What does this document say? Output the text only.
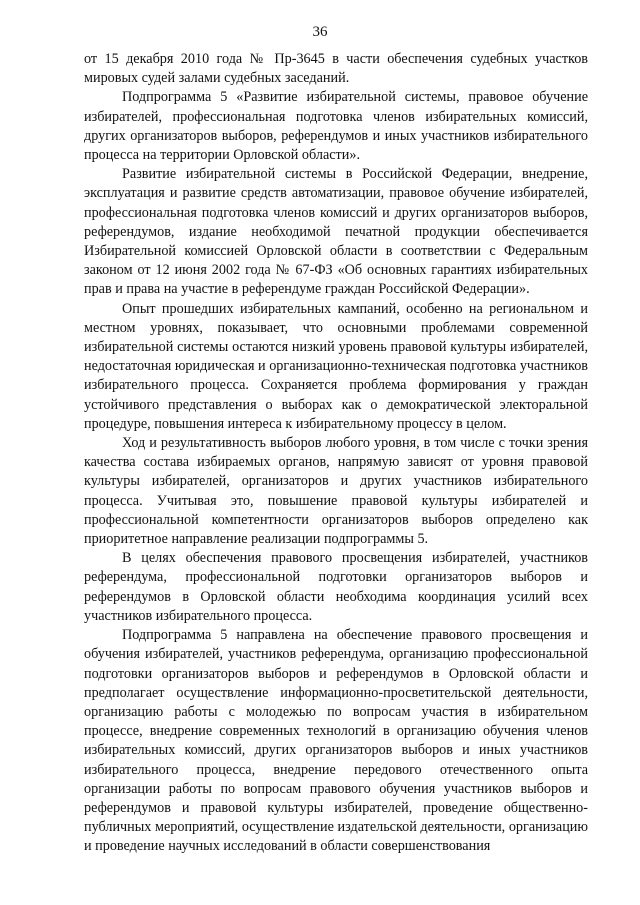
36

от 15 декабря 2010 года № Пр-3645 в части обеспечения судебных участков мировых судей залами судебных заседаний.

Подпрограмма 5 «Развитие избирательной системы, правовое обучение избирателей, профессиональная подготовка членов избирательных комиссий, других организаторов выборов, референдумов и иных участников избирательного процесса на территории Орловской области».

Развитие избирательной системы в Российской Федерации, внедрение, эксплуатация и развитие средств автоматизации, правовое обучение избирателей, профессиональная подготовка членов комиссий и других организаторов выборов, референдумов, издание необходимой печатной продукции обеспечивается Избирательной комиссией Орловской области в соответствии с Федеральным законом от 12 июня 2002 года № 67-ФЗ «Об основных гарантиях избирательных прав и права на участие в референдуме граждан Российской Федерации».

Опыт прошедших избирательных кампаний, особенно на региональном и местном уровнях, показывает, что основными проблемами современной избирательной системы остаются низкий уровень правовой культуры избирателей, недостаточная юридическая и организационно-техническая подготовка участников избирательного процесса. Сохраняется проблема формирования у граждан устойчивого представления о выборах как о демократической электоральной процедуре, повышения интереса к избирательному процессу в целом.

Ход и результативность выборов любого уровня, в том числе с точки зрения качества состава избираемых органов, напрямую зависят от уровня правовой культуры избирателей, организаторов и других участников избирательного процесса. Учитывая это, повышение правовой культуры избирателей и профессиональной компетентности организаторов выборов определено как приоритетное направление реализации подпрограммы 5.

В целях обеспечения правового просвещения избирателей, участников референдума, профессиональной подготовки организаторов выборов и референдумов в Орловской области необходима координация усилий всех участников избирательного процесса.

Подпрограмма 5 направлена на обеспечение правового просвещения и обучения избирателей, участников референдума, организацию профессиональной подготовки организаторов выборов и референдумов в Орловской области и предполагает осуществление информационно-просветительской деятельности, организацию работы с молодежью по вопросам участия в избирательном процессе, внедрение современных технологий в организацию обучения членов избирательных комиссий, других организаторов выборов и иных участников избирательного процесса, внедрение передового отечественного опыта организации работы по вопросам правового обучения участников выборов и референдумов и правовой культуры избирателей, проведение общественно-публичных мероприятий, осуществление издательской деятельности, организацию и проведение научных исследований в области совершенствования
